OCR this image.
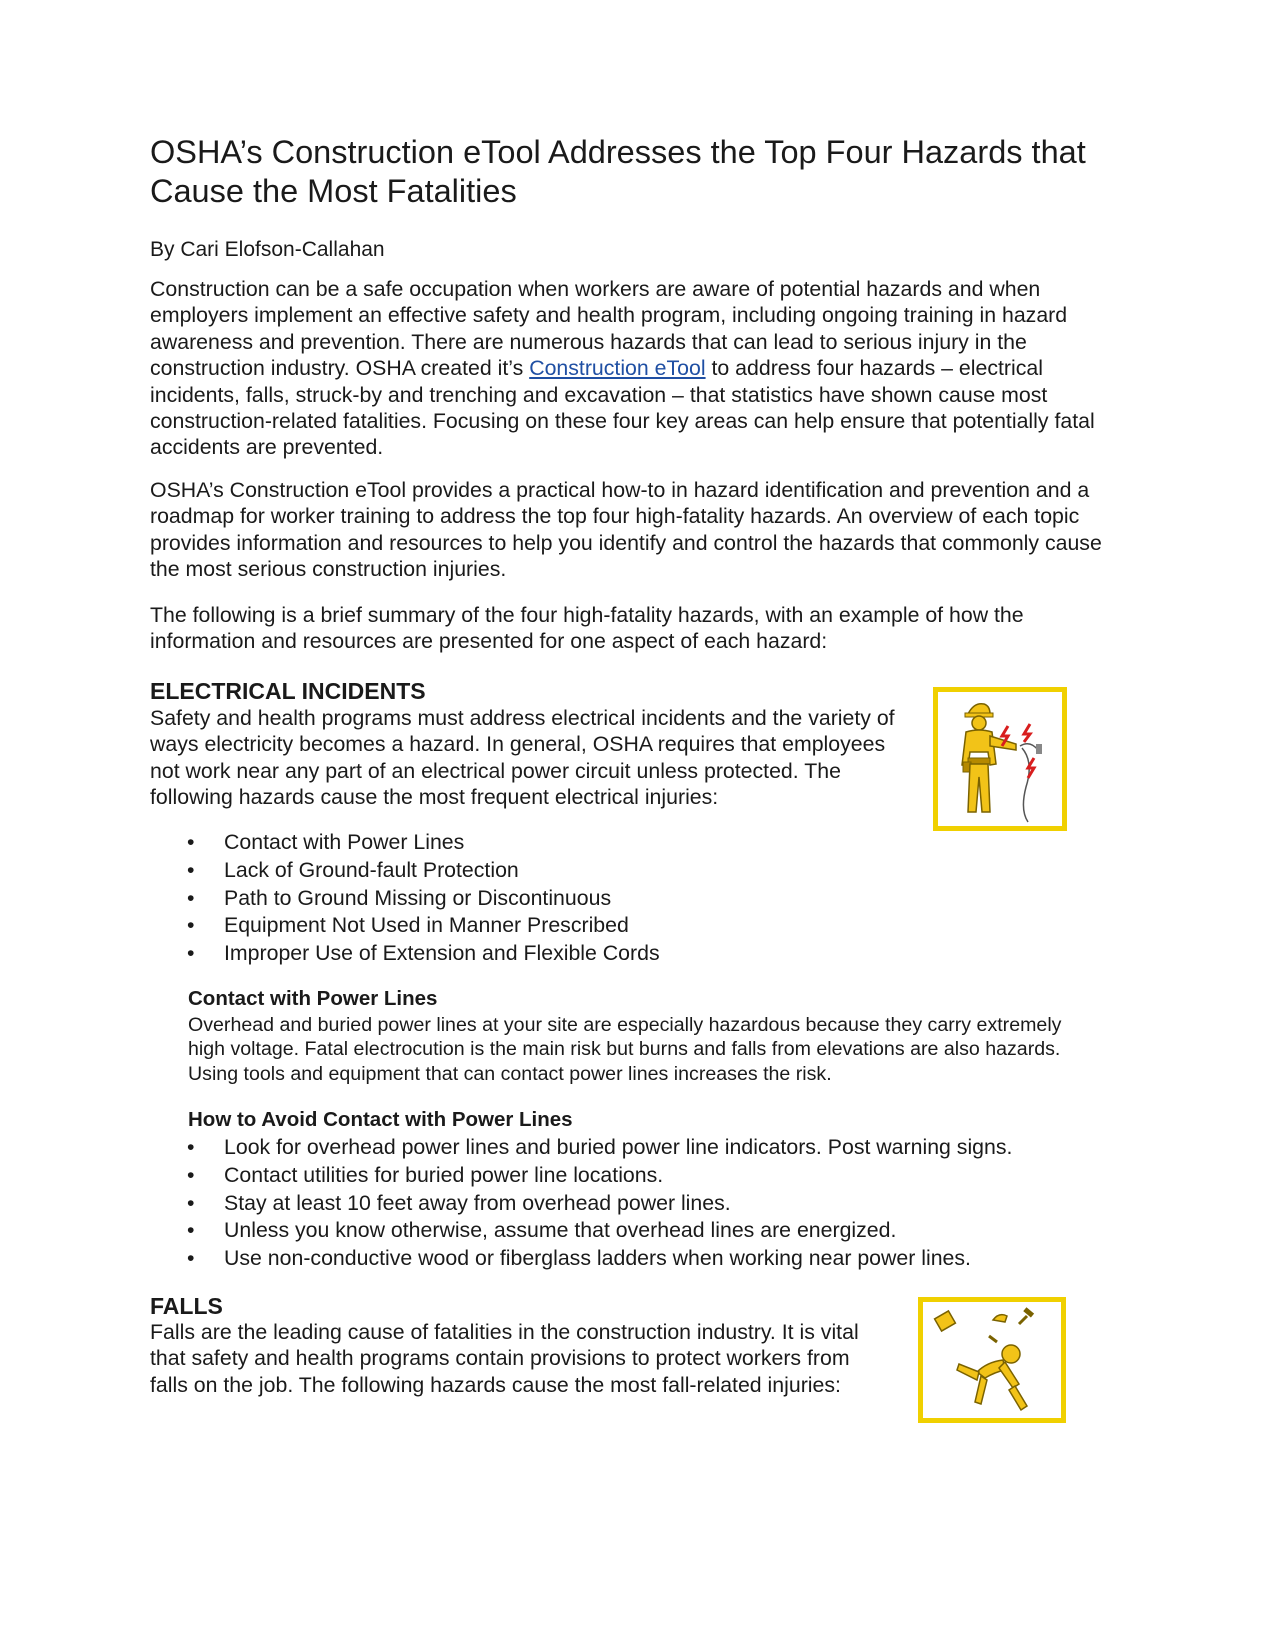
OSHA’s Construction eTool Addresses the Top Four Hazards that Cause the Most Fatalities
By Cari Elofson-Callahan

Construction can be a safe occupation when workers are aware of potential hazards and when employers implement an effective safety and health program, including ongoing training in hazard awareness and prevention. There are numerous hazards that can lead to serious injury in the construction industry. OSHA created it’s Construction eTool to address four hazards – electrical incidents, falls, struck-by and trenching and excavation – that statistics have shown cause most construction-related fatalities. Focusing on these four key areas can help ensure that potentially fatal accidents are prevented.

OSHA’s Construction eTool provides a practical how-to in hazard identification and prevention and a roadmap for worker training to address the top four high-fatality hazards. An overview of each topic provides information and resources to help you identify and control the hazards that commonly cause the most serious construction injuries.

The following is a brief summary of the four high-fatality hazards, with an example of how the information and resources are presented for one aspect of each hazard:

ELECTRICAL INCIDENTS

Safety and health programs must address electrical incidents and the variety of ways electricity becomes a hazard. In general, OSHA requires that employees not work near any part of an electrical power circuit unless protected. The following hazards cause the most frequent electrical injuries:

• Contact with Power Lines
• Lack of Ground-fault Protection
• Path to Ground Missing or Discontinuous
• Equipment Not Used in Manner Prescribed
• Improper Use of Extension and Flexible Cords
Contact with Power Lines

Overhead and buried power lines at your site are especially hazardous because they carry extremely high voltage. Fatal electrocution is the main risk but burns and falls from elevations are also hazards. Using tools and equipment that can contact power lines increases the risk.

How to Avoid Contact with Power Lines
• Look for overhead power lines and buried power line indicators. Post warning signs.
• Contact utilities for buried power line locations.
• Stay at least 10 feet away from overhead power lines.
• Unless you know otherwise, assume that overhead lines are energized.
• Use non-conductive wood or fiberglass ladders when working near power lines.
FALLS

Falls are the leading cause of fatalities in the construction industry. It is vital that safety and health programs contain provisions to protect workers from falls on the job. The following hazards cause the most fall-related injuries:
